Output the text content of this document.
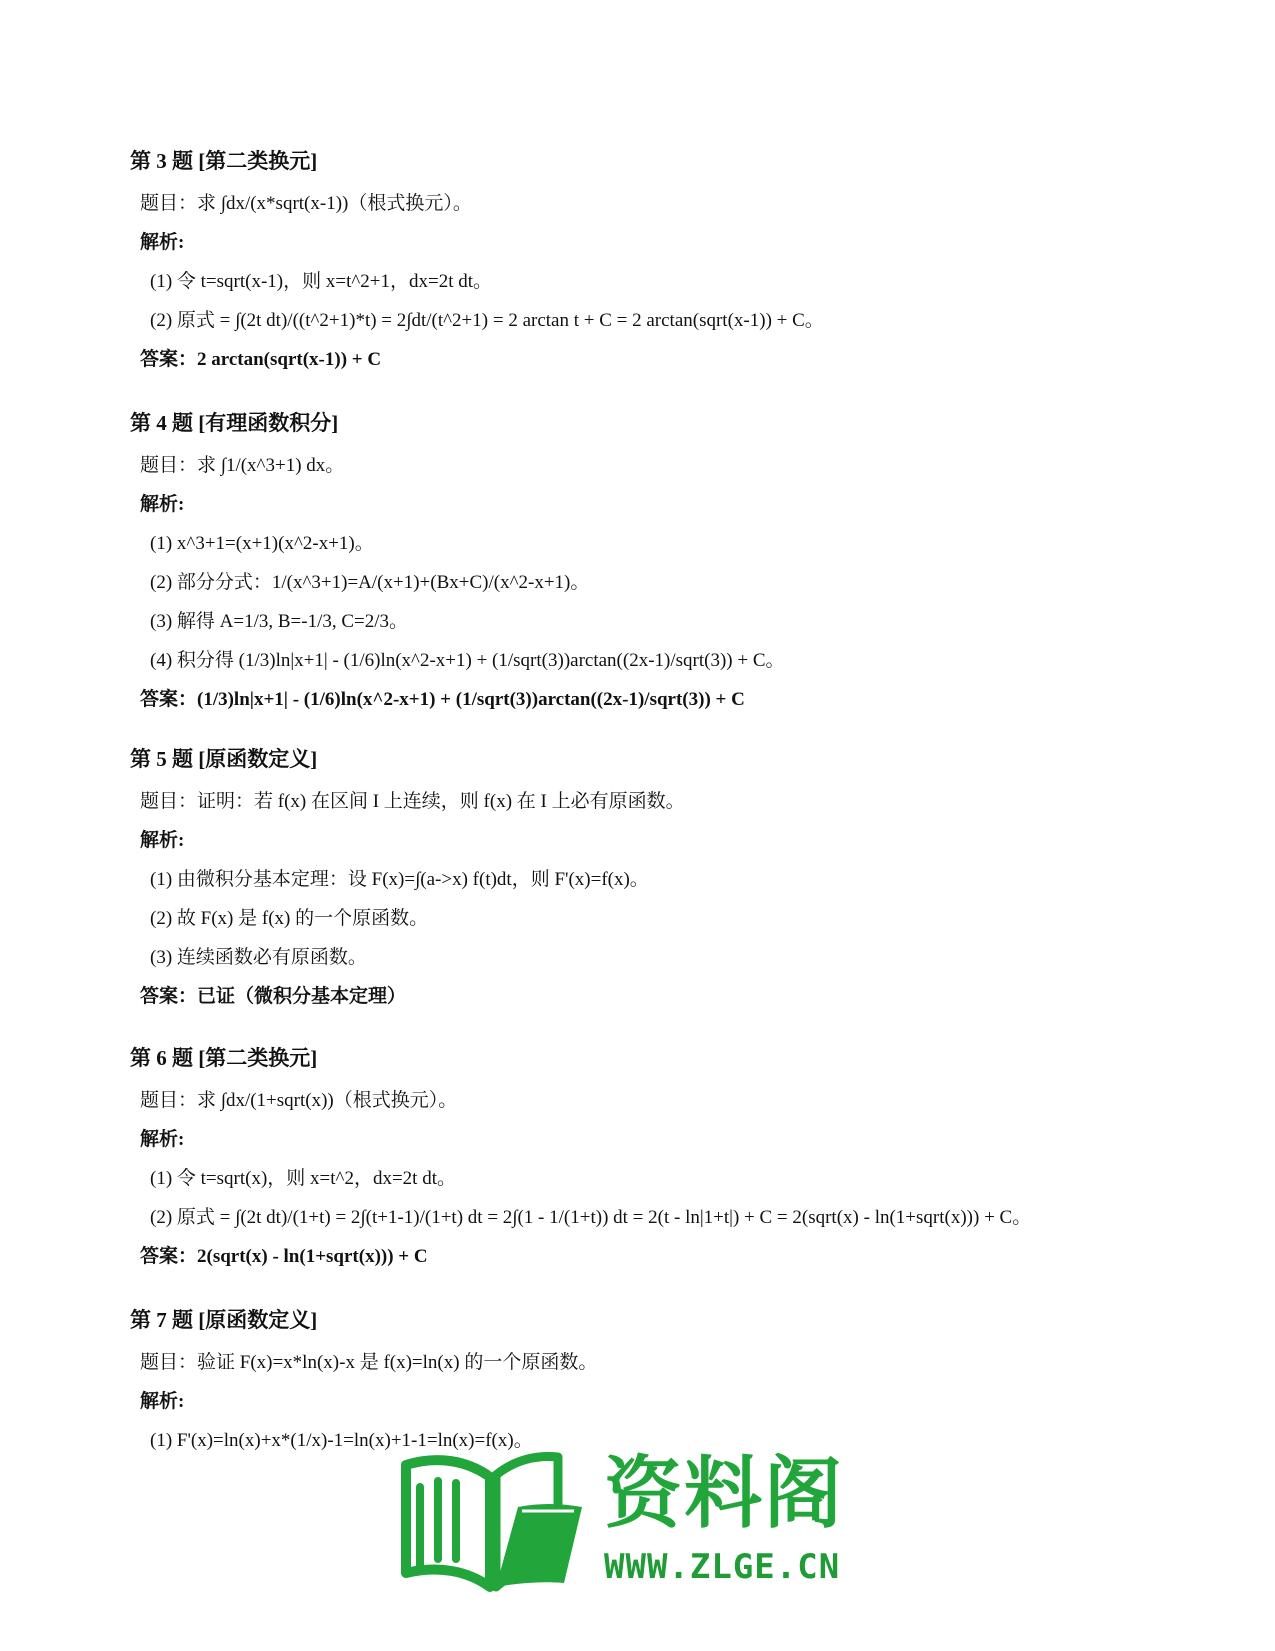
第 3 题 [第二类换元]
题目：求 ∫dx/(x*sqrt(x-1))（根式换元）。
解析:
(1) 令 t=sqrt(x-1)，则 x=t^2+1，dx=2t dt。
(2) 原式 = ∫(2t dt)/((t^2+1)*t) = 2∫dt/(t^2+1) = 2 arctan t + C = 2 arctan(sqrt(x-1)) + C。
答案：2 arctan(sqrt(x-1)) + C
第 4 题 [有理函数积分]
题目：求 ∫1/(x^3+1) dx。
解析:
(1) x^3+1=(x+1)(x^2-x+1)。
(2) 部分分式：1/(x^3+1)=A/(x+1)+(Bx+C)/(x^2-x+1)。
(3) 解得 A=1/3, B=-1/3, C=2/3。
(4) 积分得 (1/3)ln|x+1| - (1/6)ln(x^2-x+1) + (1/sqrt(3))arctan((2x-1)/sqrt(3)) + C。
答案：(1/3)ln|x+1| - (1/6)ln(x^2-x+1) + (1/sqrt(3))arctan((2x-1)/sqrt(3)) + C
第 5 题 [原函数定义]
题目：证明：若 f(x) 在区间 I 上连续，则 f(x) 在 I 上必有原函数。
解析:
(1) 由微积分基本定理：设 F(x)=∫(a->x) f(t)dt，则 F'(x)=f(x)。
(2) 故 F(x) 是 f(x) 的一个原函数。
(3) 连续函数必有原函数。
答案：已证（微积分基本定理）
第 6 题 [第二类换元]
题目：求 ∫dx/(1+sqrt(x))（根式换元）。
解析:
(1) 令 t=sqrt(x)，则 x=t^2，dx=2t dt。
(2) 原式 = ∫(2t dt)/(1+t) = 2∫(t+1-1)/(1+t) dt = 2∫(1 - 1/(1+t)) dt = 2(t - ln|1+t|) + C = 2(sqrt(x) - ln(1+sqrt(x))) + C。
答案：2(sqrt(x) - ln(1+sqrt(x))) + C
第 7 题 [原函数定义]
题目：验证 F(x)=x*ln(x)-x 是 f(x)=ln(x) 的一个原函数。
解析:
(1) F'(x)=ln(x)+x*(1/x)-1=ln(x)+1-1=ln(x)=f(x)。
资料阁
WWW.ZLGE.CN
